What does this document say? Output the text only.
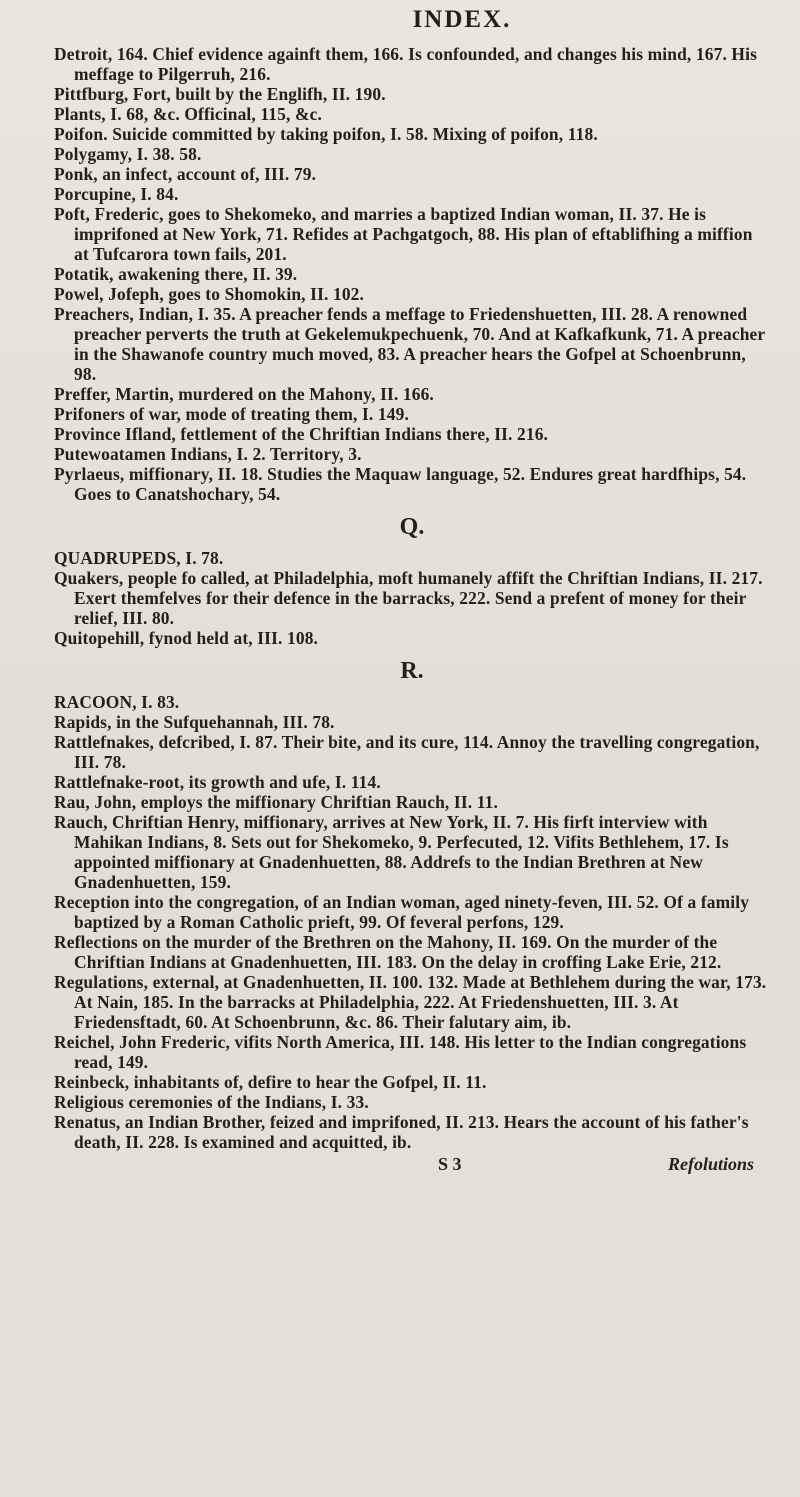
INDEX.

Detroit, 164. Chief evidence againft them, 166. Is confounded, and changes his mind, 167. His meffage to Pilgerruh, 216.

Pittfburg, Fort, built by the Englifh, II. 190.

Plants, I. 68, &c. Officinal, 115, &c.

Poifon. Suicide committed by taking poifon, I. 58. Mixing of poifon, 118.

Polygamy, I. 38. 58.

Ponk, an infect, account of, III. 79.

Porcupine, I. 84.

Poft, Frederic, goes to Shekomeko, and marries a baptized Indian woman, II. 37. He is imprifoned at New York, 71. Refides at Pachgatgoch, 88. His plan of eftablifhing a miffion at Tufcarora town fails, 201.

Potatik, awakening there, II. 39.

Powel, Jofeph, goes to Shomokin, II. 102.

Preachers, Indian, I. 35. A preacher fends a meffage to Friedenshuetten, III. 28. A renowned preacher perverts the truth at Gekelemukpechuenk, 70. And at Kafkafkunk, 71. A preacher in the Shawanofe country much moved, 83. A preacher hears the Gofpel at Schoenbrunn, 98.

Preffer, Martin, murdered on the Mahony, II. 166.

Prifoners of war, mode of treating them, I. 149.

Province Ifland, fettlement of the Chriftian Indians there, II. 216.

Putewoatamen Indians, I. 2. Territory, 3.

Pyrlaeus, miffionary, II. 18. Studies the Maquaw language, 52. Endures great hardfhips, 54. Goes to Canatshochary, 54.

Q.

QUADRUPEDS, I. 78.

Quakers, people fo called, at Philadelphia, moft humanely affift the Chriftian Indians, II. 217. Exert themfelves for their defence in the barracks, 222. Send a prefent of money for their relief, III. 80.

Quitopehill, fynod held at, III. 108.

R.

RACOON, I. 83.

Rapids, in the Sufquehannah, III. 78.

Rattlefnakes, defcribed, I. 87. Their bite, and its cure, 114. Annoy the travelling congregation, III. 78.

Rattlefnake-root, its growth and ufe, I. 114.

Rau, John, employs the miffionary Chriftian Rauch, II. 11.

Rauch, Chriftian Henry, miffionary, arrives at New York, II. 7. His firft interview with Mahikan Indians, 8. Sets out for Shekomeko, 9. Perfecuted, 12. Vifits Bethlehem, 17. Is appointed miffionary at Gnadenhuetten, 88. Addrefs to the Indian Brethren at New Gnadenhuetten, 159.

Reception into the congregation, of an Indian woman, aged ninety-feven, III. 52. Of a family baptized by a Roman Catholic prieft, 99. Of feveral perfons, 129.

Reflections on the murder of the Brethren on the Mahony, II. 169. On the murder of the Chriftian Indians at Gnadenhuetten, III. 183. On the delay in croffing Lake Erie, 212.

Regulations, external, at Gnadenhuetten, II. 100. 132. Made at Bethlehem during the war, 173. At Nain, 185. In the barracks at Philadelphia, 222. At Friedenshuetten, III. 3. At Friedensftadt, 60. At Schoenbrunn, &c. 86. Their falutary aim, ib.

Reichel, John Frederic, vifits North America, III. 148. His letter to the Indian congregations read, 149.

Reinbeck, inhabitants of, defire to hear the Gofpel, II. 11.

Religious ceremonies of the Indians, I. 33.

Renatus, an Indian Brother, feized and imprifoned, II. 213. Hears the account of his father's death, II. 228. Is examined and acquitted, ib.

S 3	Refolutions
